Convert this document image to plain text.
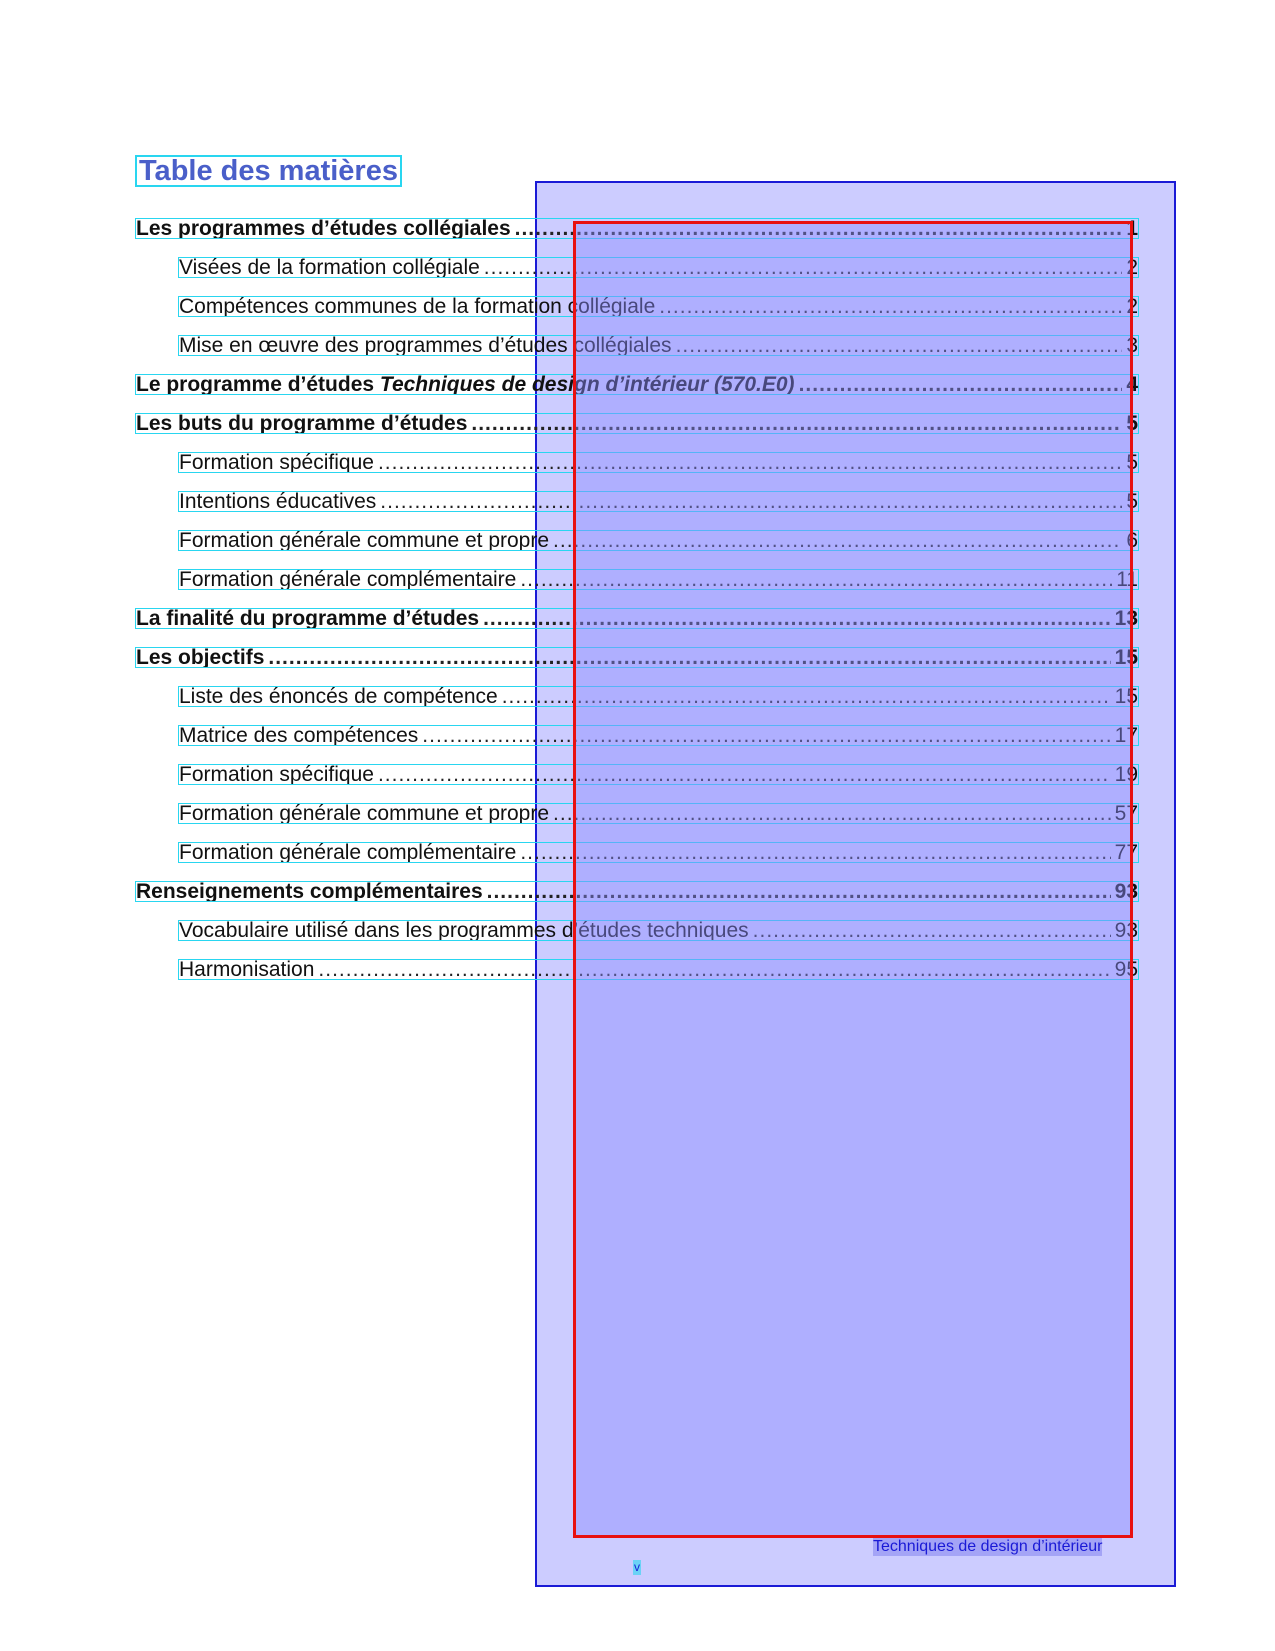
Table des matières
Les programmes d’études collégiales .....	1
Visées de la formation collégiale .....	2
Compétences communes de la formation collégiale .....	2
Mise en œuvre des programmes d’études collégiales .....	3
Le programme d’études Techniques de design d’intérieur (570.E0) .....	4
Les buts du programme d’études .....	5
Formation spécifique .....	5
Intentions éducatives .....	5
Formation générale commune et propre .....	6
Formation générale complémentaire .....	11
La finalité du programme d’études .....	13
Les objectifs .....	15
Liste des énoncés de compétence .....	15
Matrice des compétences .....	17
Formation spécifique .....	19
Formation générale commune et propre .....	57
Formation générale complémentaire .....	77
Renseignements complémentaires .....	93
Vocabulaire utilisé dans les programmes d’études techniques .....	93
Harmonisation .....	95
Techniques de design d’intérieur
v
